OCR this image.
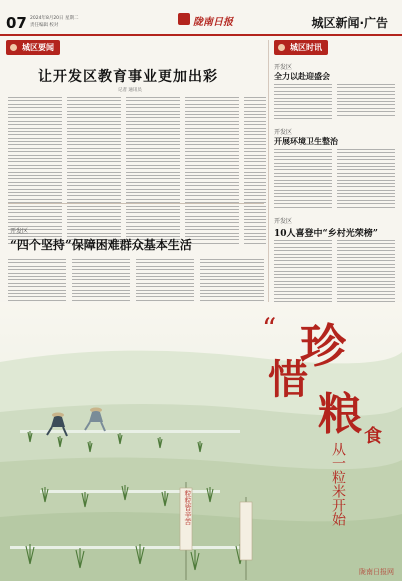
07 2024年8月20日 星期二
责任编辑 校对	陇南日报	城区新闻·广告
城区要闻
让开发区教育事业更加出彩
记者 通讯员
开发区
“四个坚持”保障困难群众基本生活
城区时讯
开发区
全力以赴迎盛会
开发区
开展环境卫生整治
开发区
10人喜登中“乡村光荣榜”
粒粒皆辛苦
珍
惜
粮 食
“
从一粒米开始
陇南日报网
